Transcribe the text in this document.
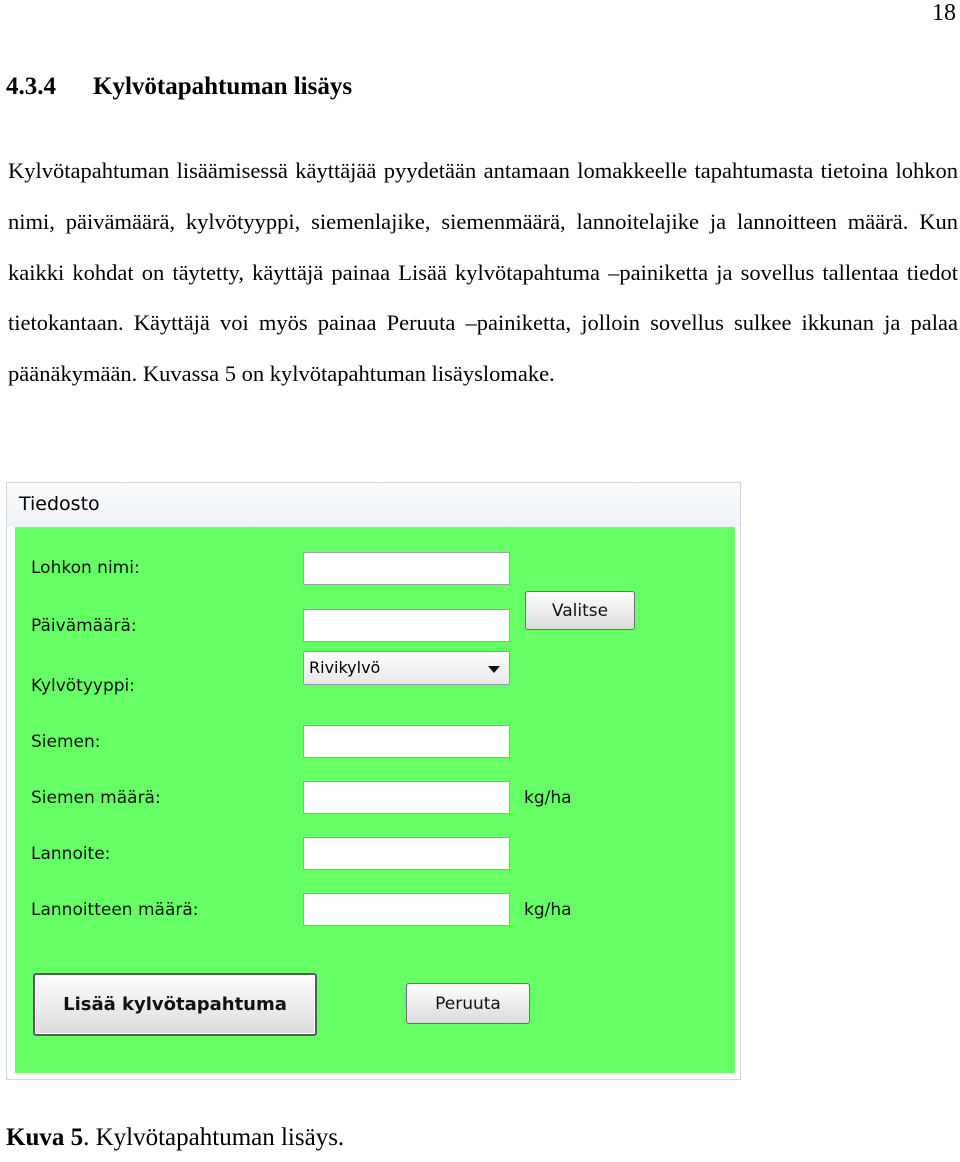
18
4.3.4 Kylvötapahtuman lisäys

Kylvötapahtuman lisäämisessä käyttäjää pyydetään antamaan lomakkeelle tapahtumasta tietoina lohkon nimi, päivämäärä, kylvötyyppi, siemenlajike, siemenmäärä, lannoitelajike ja lannoitteen määrä. Kun kaikki kohdat on täytetty, käyttäjä painaa Lisää kylvötapahtuma –painiketta ja sovellus tallentaa tiedot tietokantaan. Käyttäjä voi myös painaa Peruuta –painiketta, jolloin sovellus sulkee ikkunan ja palaa päänäkymään. Kuvassa 5 on kylvötapahtuman lisäyslomake.

Tiedosto
Lohkon nimi:
Päivämäärä:
Valitse
Kylvötyyppi:
Rivikylvö
Siemen:
Siemen määrä:	kg/ha
Lannoite:
Lannoitteen määrä:	kg/ha
Lisää kylvötapahtuma	Peruuta

Kuva 5. Kylvötapahtuman lisäys.
